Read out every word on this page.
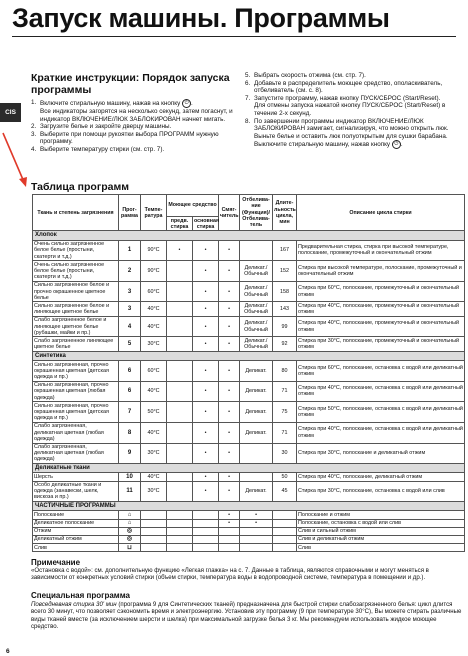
Запуск машины. Программы
CIS
Краткие инструкции: Порядок запуска программы
1. Включите стиральную машину, нажав на кнопку ⏻ .
Все индикаторы загорятся на несколько секунд, затем погаснут, и индикатор ВКЛЮЧЕНИЕ/ЛЮК ЗАБЛОКИРОВАН начнет мигать.
2. Загрузите белье и закройте дверцу машины.
3. Выберите при помощи рукоятки выбора ПРОГРАММ нужную программу.
4. Выберите температуру стирки (см. стр. 7).
5. Выбрать скорость отжима (см. стр. 7).
6. Добавьте в распределитель моющее средство, ополаскиватель, отбеливатель (см. с. 8).
7. Запустите программу, нажав кнопку ПУСК/СБРОС (Start/Reset).
Для отмены запуска нажатой кнопку ПУСК/СБРОС (Start/Reset) в течение 2-х секунд.
8. По завершении программы индикатор ВКЛЮЧЕНИЕ/ЛЮК ЗАБЛОКИРОВАН замигает, сигнализируя, что можно открыть люк. Выньте белье и оставить люк полуоткрытым для сушки барабана. Выключите стиральную машину, нажав кнопку ⏻ .
Таблица программ
Ткань и степень загрязнения	Прог-рамма	Темпе-ратура	Моющее средство		Смяг-читель	Отбелива-ние (Функция)/ Отбелива-тель	Длите-льность цикла, мин	Описание цикла стирки
			предв. стирка	основная стирка				
Хлопок								
Очень сильно загрязненное белое белье (простыни, скатерти и т.д.)	1	90°C	•	•	•		167	Предварительная стирка, стирка при высокой температуре, полоскание, промежуточный и окончательный отжим
Очень сильно загрязненное белое белье (простыни, скатерти и т.д.)	2	90°C		•	•	Деликат./ Обычный	152	Стирка при высокой температуре, полоскание, промежуточный и окончательный отжим
Сильно загрязненное белое и прочно окрашенное цветное белье	3	60°C		•	•	Деликат./ Обычный	158	Стирка при 60°C, полоскание, промежуточный и окончательный отжим
Сильно загрязненное белое и линяющее цветное белье	3	40°C		•	•	Деликат./ Обычный	143	Стирка при 40°C, полоскание, промежуточный и окончательный отжим
Слабо загрязненное белое и линяющее цветное белье (рубашки, майки и пр.)	4	40°C		•	•	Деликат./ Обычный	99	Стирка при 40°C, полоскание, промежуточный и окончательный отжим
Слабо загрязненное линяющее цветное белье	5	30°C		•	•	Деликат./ Обычный	92	Стирка при 30°C, полоскание, промежуточный и окончательный отжим
Синтетика								
Сильно загрязненная, прочно окрашенная цветная (детская одежда и пр.)	6	60°C		•	•	Деликат.	80	Стирка при 60°C, полоскание, остановка с водой или деликатный отжим
Сильно загрязненная, прочно окрашенная цветная (любая одежда)	6	40°C		•	•	Деликат.	71	Стирка при 40°C, полоскание, остановка с водой или деликатный отжим
Сильно загрязненная, прочно окрашенная цветная (детская одежда и пр.)	7	50°C		•	•	Деликат.	75	Стирка при 50°C, полоскание, остановка с водой или деликатный отжим
Слабо загрязненная, деликатная цветная (любая одежда)	8	40°C		•	•	Деликат.	71	Стирка при 40°C, полоскание, остановка с водой или деликатный отжим
Слабо загрязненная, деликатная цветная (любая одежда)	9	30°C		•	•		30	Стирка при 30°C, полоскание и деликатный отжим
Деликатные ткани								
Шерсть	10	40°C		•	•		50	Стирка при 40°C, полоскание, деликатный отжим
Особо деликатные ткани и одежда (занавески, шелк, вискоза и пр.)	11	30°C		•	•	Деликат.	45	Стирка при 30°C, полоскание, остановка с водой или слив
ЧАСТИЧНЫЕ ПРОГРАММЫ								
Полоскание	⌂				•	•		Полоскание и отжим
Деликатное полоскание	⌂				•	•		Полоскание, остановка с водой или слив
Отжим	◎							Слив и сильный отжим
Деликатный отжим	◎							Слив и деликатный отжим
Слив	⊔							Слив
Примечание
«Остановка с водой»: см. дополнительную функцию «Легкая глажка» на с. 7. Данные в таблица, являются справочными и могут меняться в зависимости от конкретных условий стирки (объем стирки, температура воды в водопроводной системе, температура в помещении и др.).
Специальная программа
Повседневная стирка 30' мин (программа 9 для Синтетических тканей) предназначена для быстрой стирки слабозагрязненного белья: цикл длится всего 30 минут, что позволяет сэкономить время и электроэнергию. Установив эту программу (9 при температуре 30°C), Вы можете стирать различные виды тканей вместе (за исключением шерсти и шелка) при максимальной загрузке белья 3 кг. Мы рекомендуем использовать жидкое моющее средство.
6
